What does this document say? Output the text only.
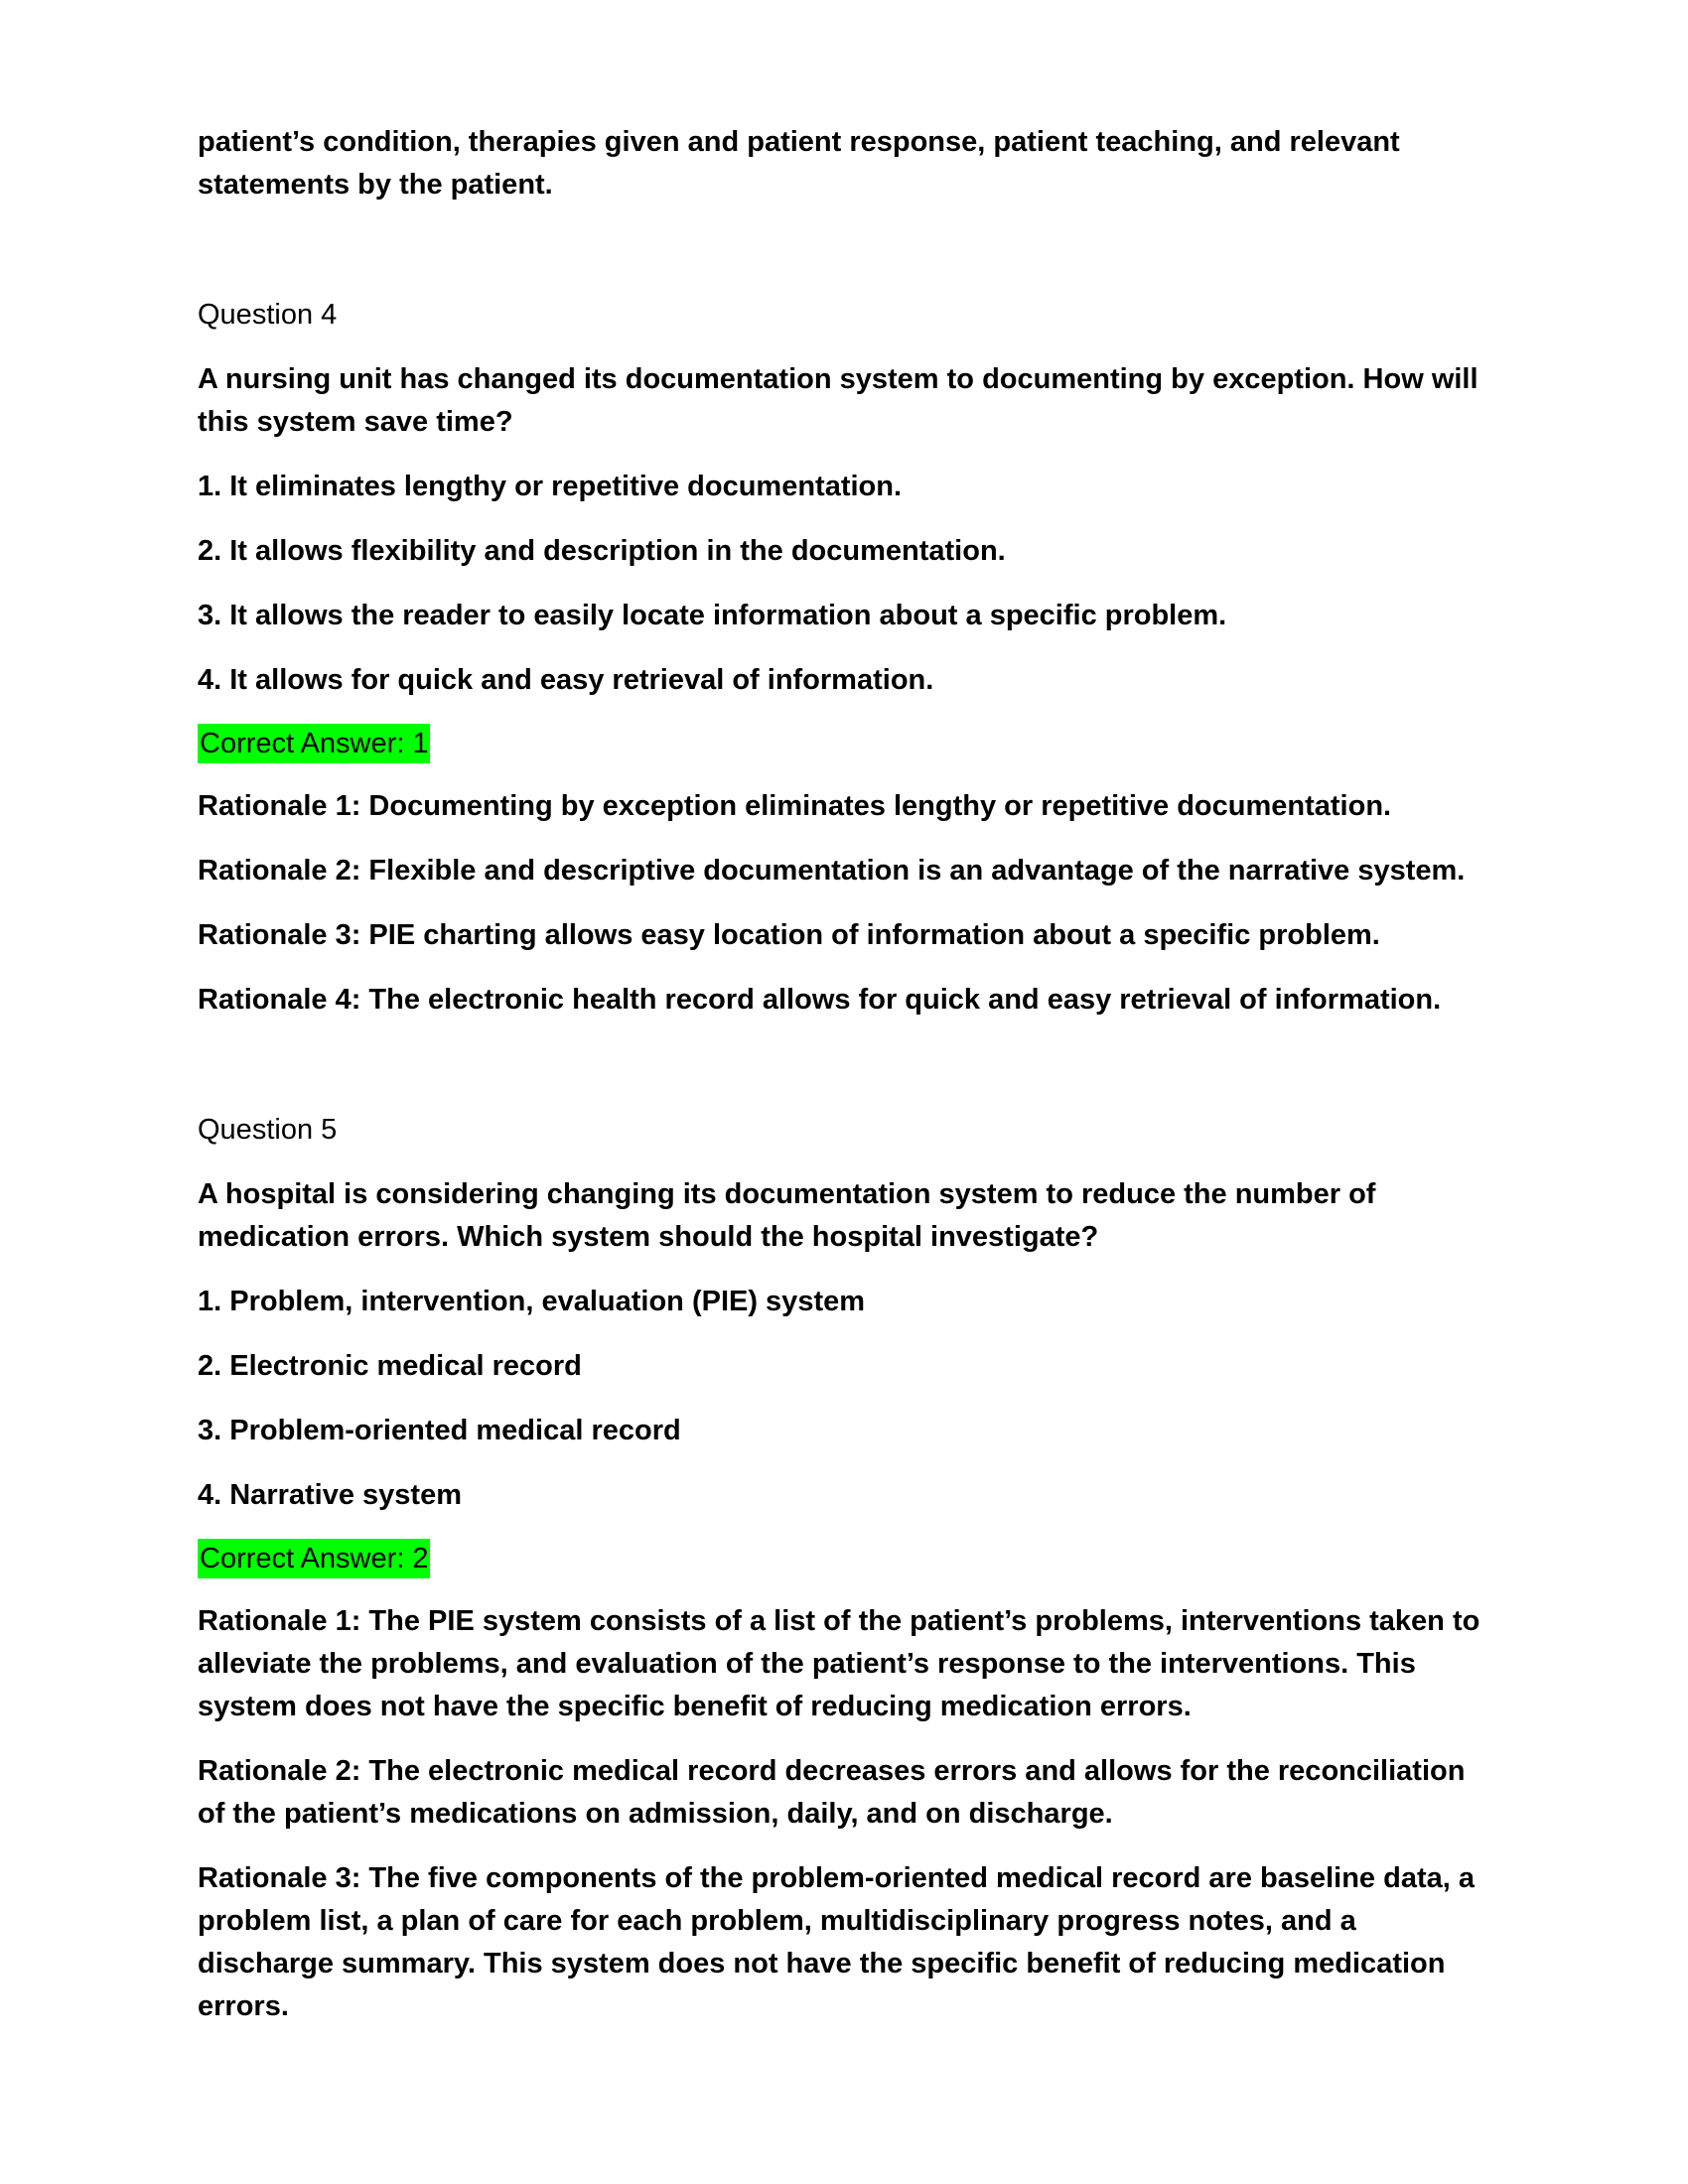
patient’s condition, therapies given and patient response, patient teaching, and relevant statements by the patient.

Question 4

A nursing unit has changed its documentation system to documenting by exception. How will this system save time?

1. It eliminates lengthy or repetitive documentation.

2. It allows flexibility and description in the documentation.

3. It allows the reader to easily locate information about a specific problem.

4. It allows for quick and easy retrieval of information.

Correct Answer: 1

Rationale 1: Documenting by exception eliminates lengthy or repetitive documentation.

Rationale 2: Flexible and descriptive documentation is an advantage of the narrative system.

Rationale 3: PIE charting allows easy location of information about a specific problem.

Rationale 4: The electronic health record allows for quick and easy retrieval of information.

Question 5

A hospital is considering changing its documentation system to reduce the number of medication errors. Which system should the hospital investigate?

1. Problem, intervention, evaluation (PIE) system

2. Electronic medical record

3. Problem-oriented medical record

4. Narrative system

Correct Answer: 2

Rationale 1: The PIE system consists of a list of the patient’s problems, interventions taken to alleviate the problems, and evaluation of the patient’s response to the interventions. This system does not have the specific benefit of reducing medication errors.

Rationale 2: The electronic medical record decreases errors and allows for the reconciliation of the patient’s medications on admission, daily, and on discharge.

Rationale 3: The five components of the problem-oriented medical record are baseline data, a problem list, a plan of care for each problem, multidisciplinary progress notes, and a discharge summary. This system does not have the specific benefit of reducing medication errors.
